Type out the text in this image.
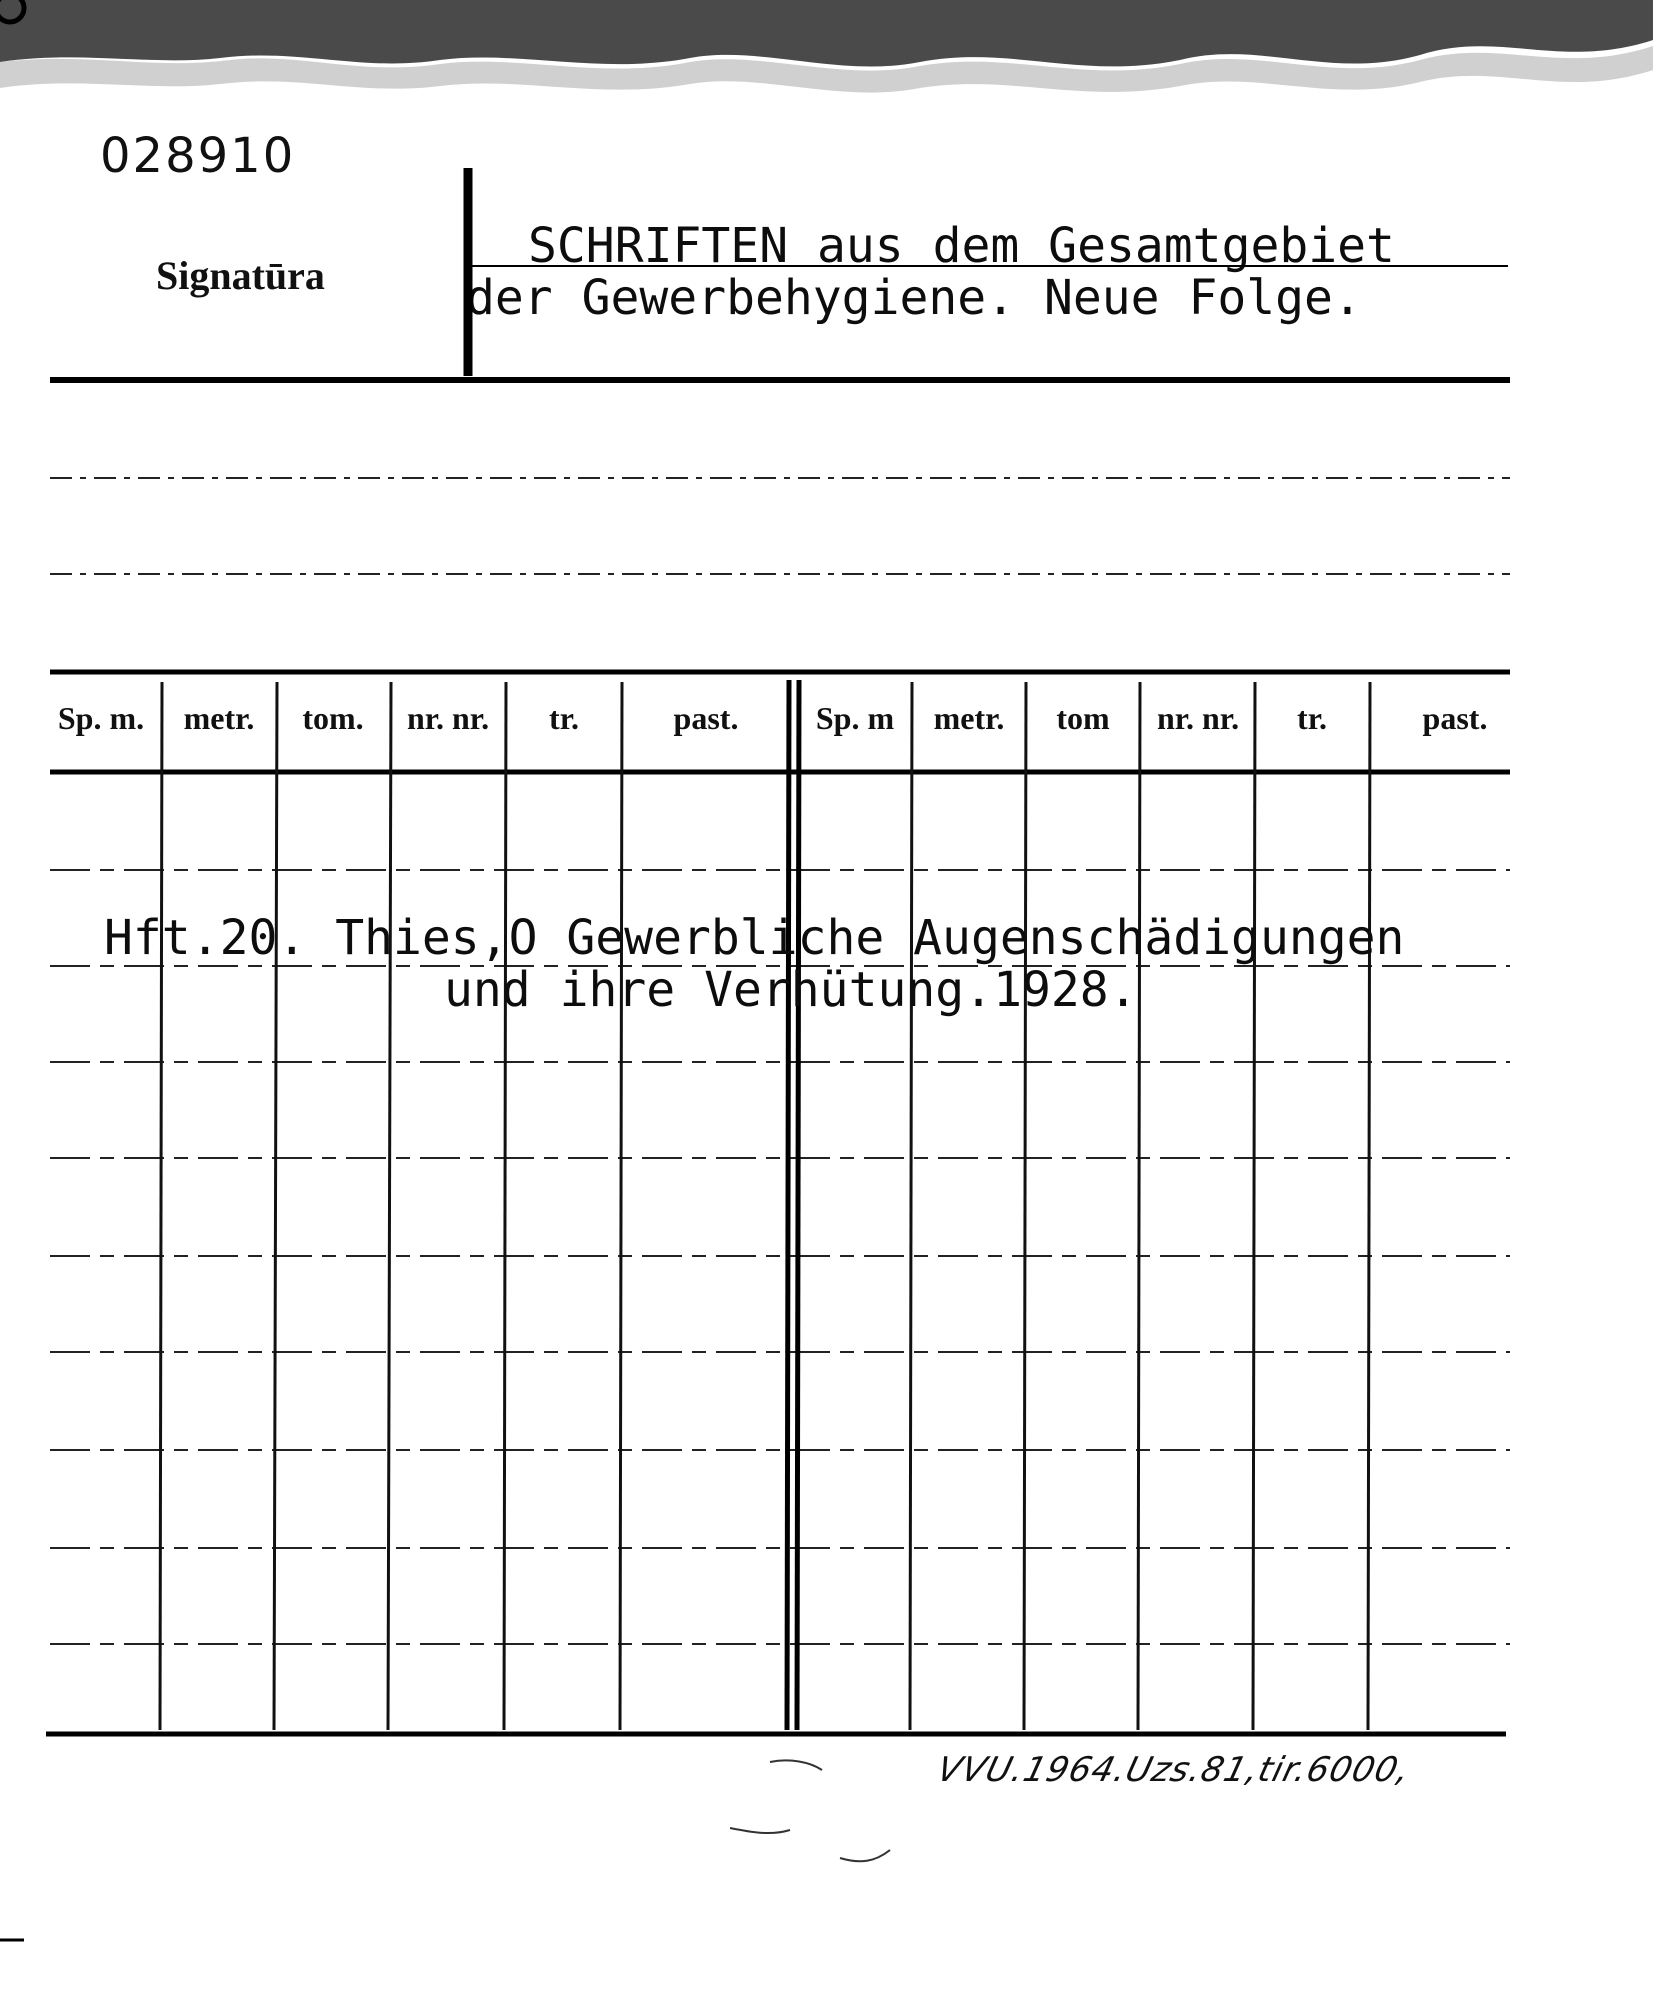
028910
Signatūra
SCHRIFTEN aus dem Gesamtgebiet
der Gewerbehygiene. Neue Folge.
Sp. m.	metr.	tom.	nr. nr.	tr.	past.	Sp. m	metr.	tom	nr. nr.	tr.	past.
Hft.20. Thies,O Gewerbliche Augenschädigungen
und ihre Verhütung.1928.
VVU.1964.Uzs.81,tir.6000,
